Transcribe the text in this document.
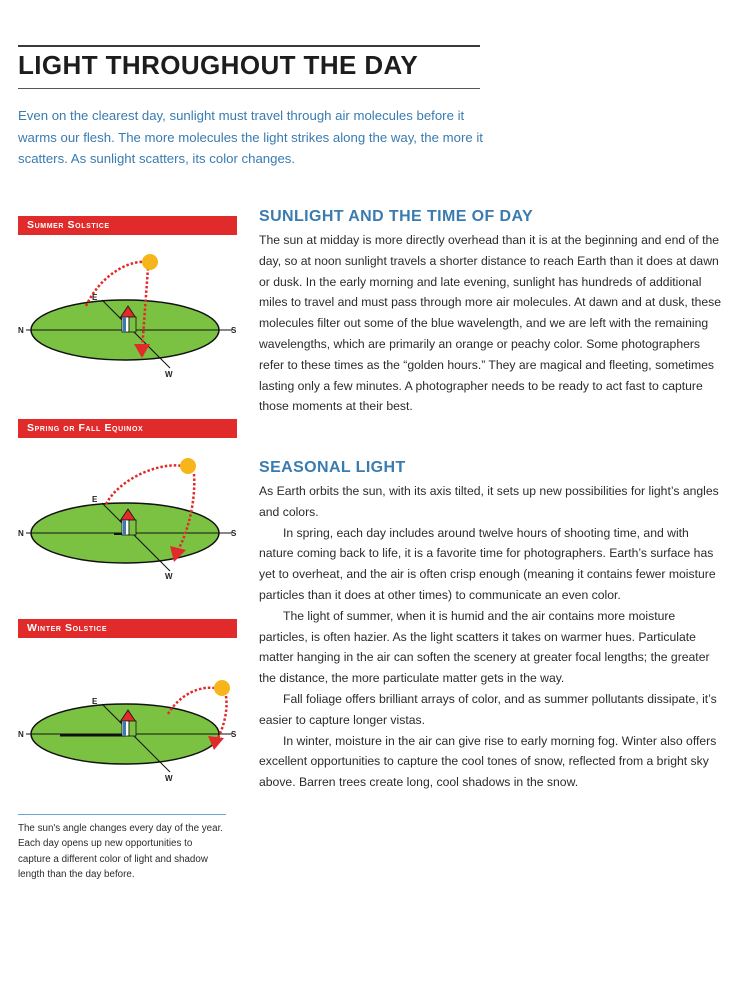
LIGHT THROUGHOUT THE DAY

Even on the clearest day, sunlight must travel through air molecules before it warms our flesh. The more molecules the light strikes along the way, the more it scatters. As sunlight scatters, its color changes.

Summer Solstice
E
N	S
W
Spring or Fall Equinox
E
N	S
W
Winter Solstice
E
N	S
W

The sun's angle changes every day of the year. Each day opens up new opportunities to capture a different color of light and shadow length than the day before.

SUNLIGHT AND THE TIME OF DAY

The sun at midday is more directly overhead than it is at the beginning and end of the day, so at noon sunlight travels a shorter distance to reach Earth than it does at dawn or dusk. In the early morning and late evening, sunlight has hundreds of additional miles to travel and must pass through more air molecules. At dawn and at dusk, these molecules filter out some of the blue wavelength, and we are left with the remaining wavelengths, which are primarily an orange or peachy color. Some photographers refer to these times as the “golden hours.” They are magical and fleeting, sometimes lasting only a few minutes. A photographer needs to be ready to act fast to capture those moments at their best.

SEASONAL LIGHT

As Earth orbits the sun, with its axis tilted, it sets up new possibilities for light’s angles and colors.

In spring, each day includes around twelve hours of shooting time, and with nature coming back to life, it is a favorite time for photographers. Earth’s surface has yet to overheat, and the air is often crisp enough (meaning it contains fewer moisture particles than it does at other times) to communicate an even color.

The light of summer, when it is humid and the air contains more moisture particles, is often hazier. As the light scatters it takes on warmer hues. Particulate matter hanging in the air can soften the scenery at greater focal lengths; the greater the distance, the more particulate matter gets in the way.

Fall foliage offers brilliant arrays of color, and as summer pollutants dissipate, it’s easier to capture longer vistas.

In winter, moisture in the air can give rise to early morning fog. Winter also offers excellent opportunities to capture the cool tones of snow, reflected from a bright sky above. Barren trees create long, cool shadows in the snow.
